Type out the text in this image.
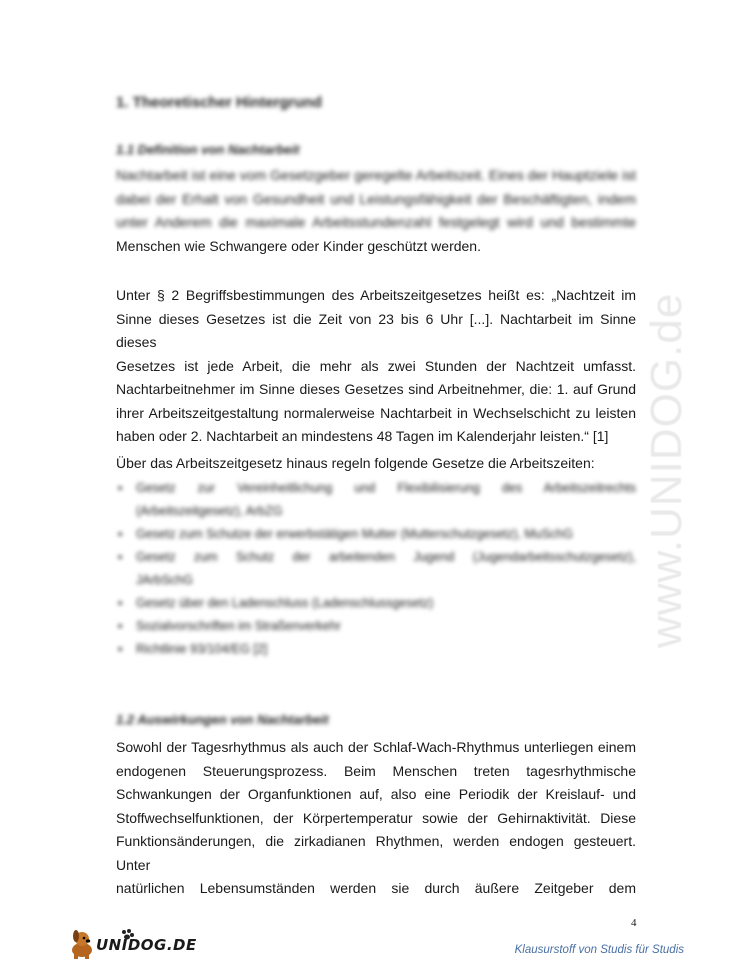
www.UNIDOG.de
1. Theoretischer Hintergrund
1.1 Definition von Nachtarbeit
Nachtarbeit ist eine vom Gesetzgeber geregelte Arbeitszeit. Eines der Hauptziele ist
dabei der Erhalt von Gesundheit und Leistungsfähigkeit der Beschäftigten, indem
unter Anderem die maximale Arbeitsstundenzahl festgelegt wird und bestimmte
Menschen wie Schwangere oder Kinder geschützt werden.
Unter § 2 Begriffsbestimmungen des Arbeitszeitgesetzes heißt es: „Nachtzeit im
Sinne dieses Gesetzes ist die Zeit von 23 bis 6 Uhr [...]. Nachtarbeit im Sinne dieses
Gesetzes ist jede Arbeit, die mehr als zwei Stunden der Nachtzeit umfasst.
Nachtarbeitnehmer im Sinne dieses Gesetzes sind Arbeitnehmer, die: 1. auf Grund
ihrer Arbeitszeitgestaltung normalerweise Nachtarbeit in Wechselschicht zu leisten
haben oder 2. Nachtarbeit an mindestens 48 Tagen im Kalenderjahr leisten.“ [1]
Über das Arbeitszeitgesetz hinaus regeln folgende Gesetze die Arbeitszeiten:
▪ Gesetz zur Vereinheitlichung und Flexibilisierung des Arbeitszeitrechts
(Arbeitszeitgesetz), ArbZG
▪ Gesetz zum Schutze der erwerbstätigen Mutter (Mutterschutzgesetz), MuSchG
▪ Gesetz zum Schutz der arbeitenden Jugend (Jugendarbeitsschutzgesetz),
JArbSchG
▪ Gesetz über den Ladenschluss (Ladenschlussgesetz)
▪ Sozialvorschriften im Straßenverkehr
▪ Richtlinie 93/104/EG [2]
1.2 Auswirkungen von Nachtarbeit
Sowohl der Tagesrhythmus als auch der Schlaf-Wach-Rhythmus unterliegen einem
endogenen Steuerungsprozess. Beim Menschen treten tagesrhythmische
Schwankungen der Organfunktionen auf, also eine Periodik der Kreislauf- und
Stoffwechselfunktionen, der Körpertemperatur sowie der Gehirnaktivität. Diese
Funktionsänderungen, die zirkadianen Rhythmen, werden endogen gesteuert. Unter
natürlichen Lebensumständen werden sie durch äußere Zeitgeber dem
4
UNIDOG.DE	Klausurstoff von Studis für Studis
